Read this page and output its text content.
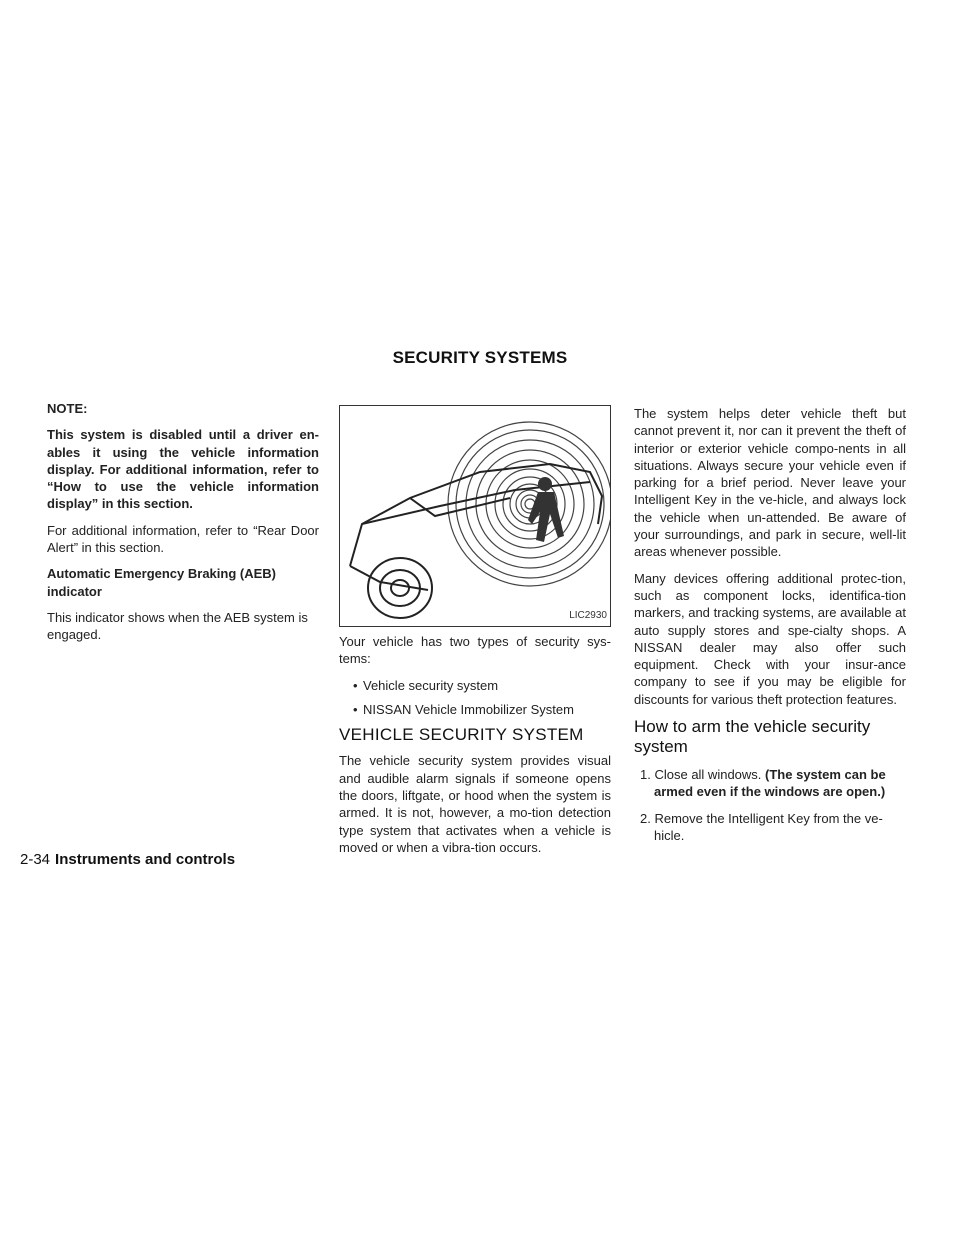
SECURITY SYSTEMS

NOTE:

This system is disabled until a driver en-ables it using the vehicle information display. For additional information, refer to “How to use the vehicle information display” in this section.

For additional information, refer to “Rear Door Alert” in this section.

Automatic Emergency Braking (AEB) indicator

This indicator shows when the AEB system is engaged.

LIC2930

Your vehicle has two types of security sys-tems:

• Vehicle security system
• NISSAN Vehicle Immobilizer System
VEHICLE SECURITY SYSTEM

The vehicle security system provides visual and audible alarm signals if someone opens the doors, liftgate, or hood when the system is armed. It is not, however, a mo-tion detection type system that activates when a vehicle is moved or when a vibra-tion occurs.

The system helps deter vehicle theft but cannot prevent it, nor can it prevent the theft of interior or exterior vehicle compo-nents in all situations. Always secure your vehicle even if parking for a brief period. Never leave your Intelligent Key in the ve-hicle, and always lock the vehicle when un-attended. Be aware of your surroundings, and park in secure, well-lit areas whenever possible.

Many devices offering additional protec-tion, such as component locks, identifica-tion markers, and tracking systems, are available at auto supply stores and spe-cialty shops. A NISSAN dealer may also offer such equipment. Check with your insur-ance company to see if you may be eligible for discounts for various theft protection features.

How to arm the vehicle security system
1. Close all windows. (The system can be armed even if the windows are open.)
2. Remove the Intelligent Key from the ve-hicle.
2-34 Instruments and controls
